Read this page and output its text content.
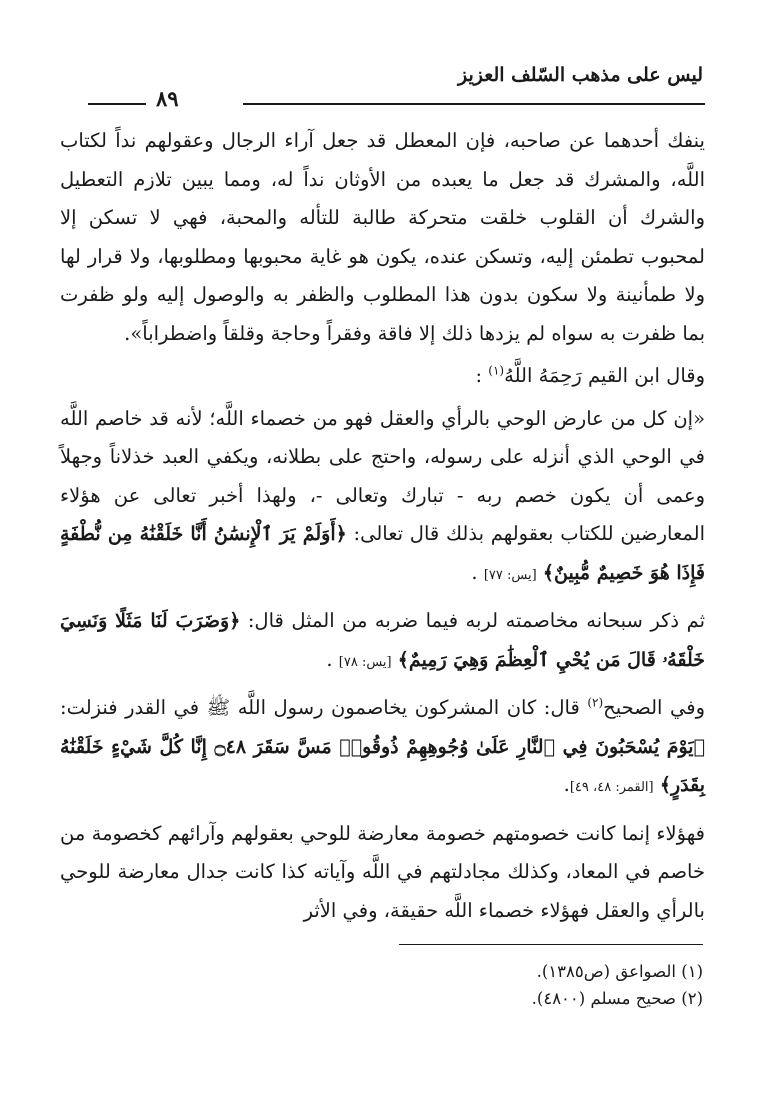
ليس على مذهب السّلف العزيز
٨٩

ينفك أحدهما عن صاحبه، فإن المعطل قد جعل آراء الرجال وعقولهم نداً لكتاب اللَّه، والمشرك قد جعل ما يعبده من الأوثان نداً له، ومما يبين تلازم التعطيل والشرك أن القلوب خلقت متحركة طالبة للتأله والمحبة، فهي لا تسكن إلا لمحبوب تطمئن إليه، وتسكن عنده، يكون هو غاية محبوبها ومطلوبها، ولا قرار لها ولا طمأنينة ولا سكون بدون هذا المطلوب والظفر به والوصول إليه ولو ظفرت بما ظفرت به سواه لم يزدها ذلك إلا فاقة وفقراً وحاجة وقلقاً واضطراباً».

وقال ابن القيم رَحِمَهُ اللَّهُ$^{(١)}$ :

«إن كل من عارض الوحي بالرأي والعقل فهو من خصماء اللَّه؛ لأنه قد خاصم اللَّه في الوحي الذي أنزله على رسوله، واحتج على بطلانه، ويكفي العبد خذلاناً وجهلاً وعمى أن يكون خصم ربه - تبارك وتعالى -، ولهذا أخبر تعالى عن هؤلاء المعارضين للكتاب بعقولهم بذلك قال تعالى: ﴿أَوَلَمْ يَرَ ٱلْإِنسَٰنُ أَنَّا خَلَقْنَٰهُ مِن نُّطْفَةٍ فَإِذَا هُوَ خَصِيمٌ مُّبِينٌ﴾ [يس: ٧٧] .

ثم ذكر سبحانه مخاصمته لربه فيما ضربه من المثل قال: ﴿وَضَرَبَ لَنَا مَثَلًا وَنَسِيَ خَلْقَهُۥ قَالَ مَن يُحْيِ ٱلْعِظَٰمَ وَهِيَ رَمِيمٌ﴾ [يس: ٧٨] .

وفي الصحيح$^{(٢)}$ قال: كان المشركون يخاصمون رسول اللَّه ﷺ في القدر فنزلت: ﴿يَوْمَ يُسْحَبُونَ فِي ٱلنَّارِ عَلَىٰ وُجُوهِهِمْ ذُوقُوا۟ مَسَّ سَقَرَ ۝٤٨ إِنَّا كُلَّ شَيْءٍ خَلَقْنَٰهُ بِقَدَرٍ﴾ [القمر: ٤٨، ٤٩].

فهؤلاء إنما كانت خصومتهم خصومة معارضة للوحي بعقولهم وآرائهم كخصومة من خاصم في المعاد، وكذلك مجادلتهم في اللَّه وآياته كذا كانت جدال معارضة للوحي بالرأي والعقل فهؤلاء خصماء اللَّه حقيقة، وفي الأثر

(١) الصواعق (ص١٣٨٥).
(٢) صحيح مسلم (٤٨٠٠).
